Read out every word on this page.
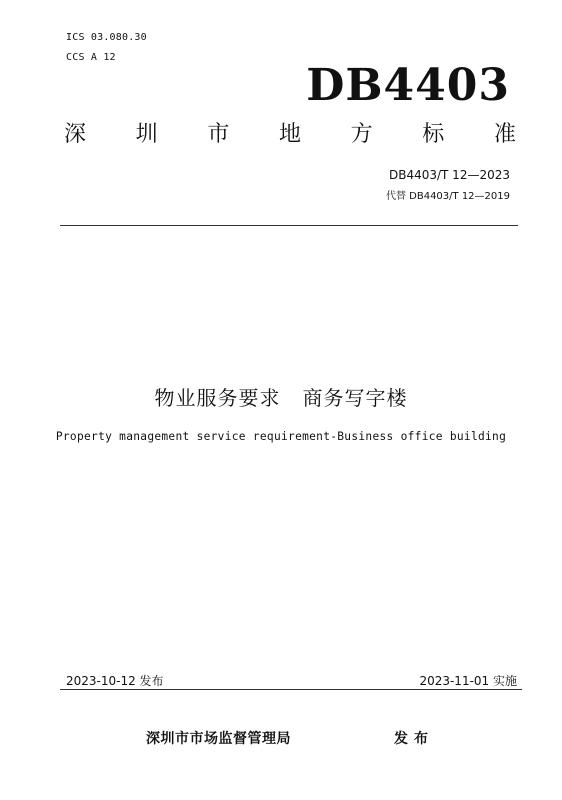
ICS 03.080.30
CCS A 12
DB4403
深 圳 市 地 方 标 准
DB4403/T 12—2023
代替 DB4403/T 12—2019
物业服务要求 商务写字楼
Property management service requirement-Business office building
2023-10-12 发布	2023-11-01 实施
深圳市市场监督管理局	发布
